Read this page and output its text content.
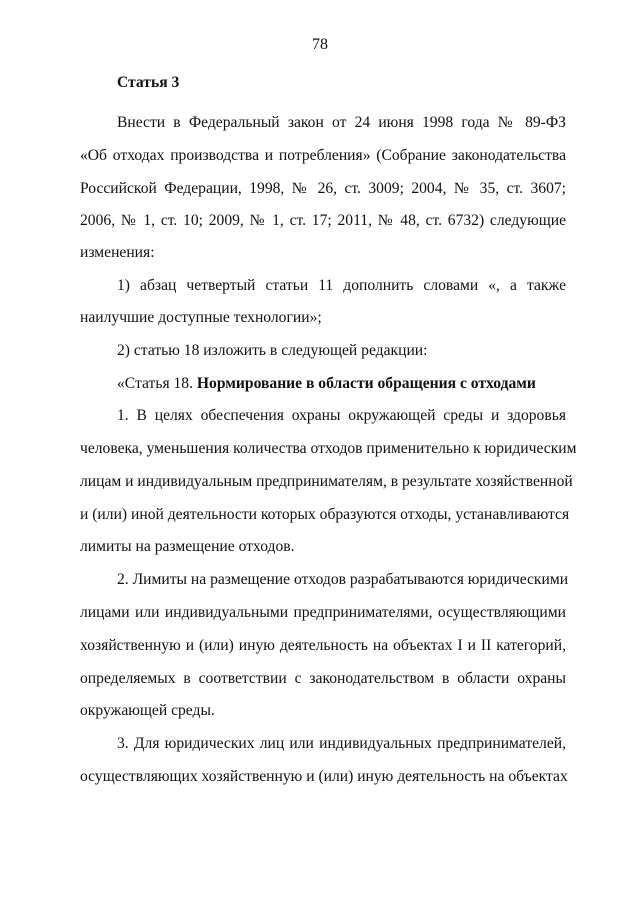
78
Статья 3
Внести в Федеральный закон от 24 июня 1998 года № 89-ФЗ
«Об отходах производства и потребления» (Собрание законодательства
Российской Федерации, 1998, № 26, ст. 3009; 2004, № 35, ст. 3607;
2006, № 1, ст. 10; 2009, № 1, ст. 17; 2011, № 48, ст. 6732) следующие
изменения:
1) абзац четвертый статьи 11 дополнить словами «, а также
наилучшие доступные технологии»;
2) статью 18 изложить в следующей редакции:
«Статья 18. Нормирование в области обращения с отходами
1. В целях обеспечения охраны окружающей среды и здоровья
человека, уменьшения количества отходов применительно к юридическим
лицам и индивидуальным предпринимателям, в результате хозяйственной
и (или) иной деятельности которых образуются отходы, устанавливаются
лимиты на размещение отходов.
2. Лимиты на размещение отходов разрабатываются юридическими
лицами или индивидуальными предпринимателями, осуществляющими
хозяйственную и (или) иную деятельность на объектах I и II категорий,
определяемых в соответствии с законодательством в области охраны
окружающей среды.
3. Для юридических лиц или индивидуальных предпринимателей,
осуществляющих хозяйственную и (или) иную деятельность на объектах
